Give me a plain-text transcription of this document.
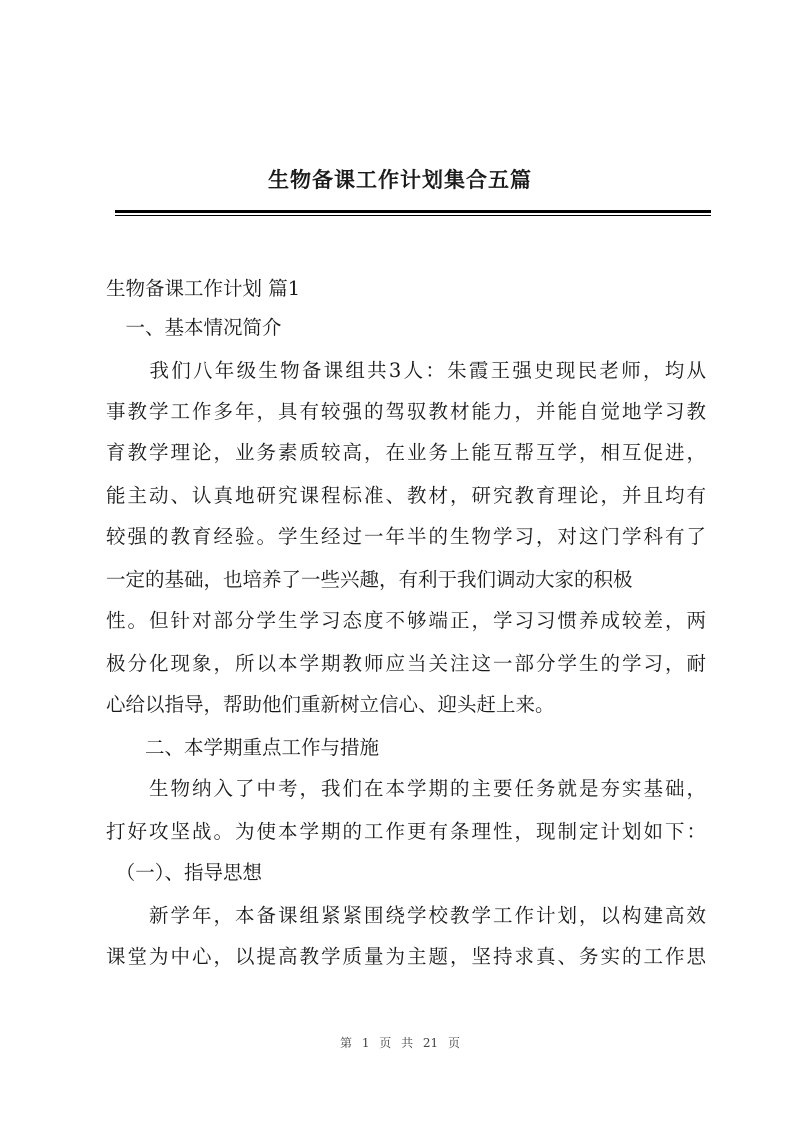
生物备课工作计划集合五篇
生物备课工作计划 篇1
　一、基本情况简介
　　我们八年级生物备课组共3人：朱霞王强史现民老师，均从
事教学工作多年，具有较强的驾驭教材能力，并能自觉地学习教
育教学理论，业务素质较高，在业务上能互帮互学，相互促进，
能主动、认真地研究课程标准、教材，研究教育理论，并且均有
较强的教育经验。学生经过一年半的生物学习，对这门学科有了
一定的基础，也培养了一些兴趣，有利于我们调动大家的积极
性。但针对部分学生学习态度不够端正，学习习惯养成较差，两
极分化现象，所以本学期教师应当关注这一部分学生的学习，耐
心给以指导，帮助他们重新树立信心、迎头赶上来。
　　二、本学期重点工作与措施
　　生物纳入了中考，我们在本学期的主要任务就是夯实基础，
打好攻坚战。为使本学期的工作更有条理性，现制定计划如下：
　（一）、指导思想
　　新学年，本备课组紧紧围绕学校教学工作计划，以构建高效
课堂为中心，以提高教学质量为主题，坚持求真、务实的工作思
第 1 页 共 21 页
